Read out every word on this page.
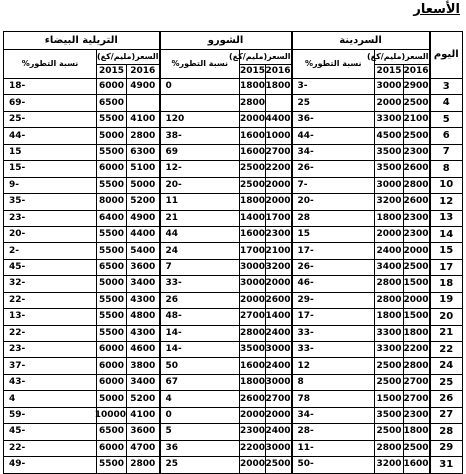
الأسعار
اليوم	السردينة			الشورو			التريلية البيضاء		
	السعر(مليم/كغ)		نسبة التطور%	السعر(مليم/كغ)		نسبة التطور%	السعر(مليم/كغ)		نسبة التطور%
	2016	2015		2016	2015		2016	2015	
3	2900	3000	3-	1800	1800	0	4900	6000	18-
4	2500	2000	25		2800			6500	69-
5	2100	3300	36-	4400	2000	120	4100	5500	25-
6	2500	4500	44-	1000	1600	38-	2800	5000	44-
7	2300	3500	34-	2700	1600	69	6300	5500	15
8	2600	3500	26-	2200	2500	12-	5100	6000	15-
10	2800	3000	7-	2000	2500	20-	5000	5500	9-
12	2600	3200	20-	2000	1800	11	5200	8000	35-
13	2300	1800	28	1700	1400	21	4900	6400	23-
14	2300	2000	15	2300	1600	44	4400	5500	20-
15	2000	2400	17-	2100	1700	24	5400	5500	2-
17	2500	3400	26-	3200	3000	7	3600	6500	45-
18	1500	2800	46-	2000	3000	33-	3400	5000	32-
19	2000	2800	29-	2600	2000	26	4300	5500	22-
20	1500	1800	17-	1400	2700	48-	4800	5500	13-
21	1800	3300	33-	2400	2800	14-	4300	5500	22-
22	2200	3300	33-	3000	3500	14-	4600	6000	23-
24	2800	2500	12	2400	1600	50	3800	6000	37-
25	2700	2500	8	3000	1800	67	3400	6000	43-
26	2700	1500	78	2700	2600	4	5200	5000	4
27	2300	3500	34-	2000	2000	0	4100	10000	59-
28	1800	2500	28-	2400	2300	5	3600	6500	45-
29	2500	2800	11-	3000	2200	36	4700	6000	22-
31	1600	3200	50-	2500	2000	25	2800	5500	49-
